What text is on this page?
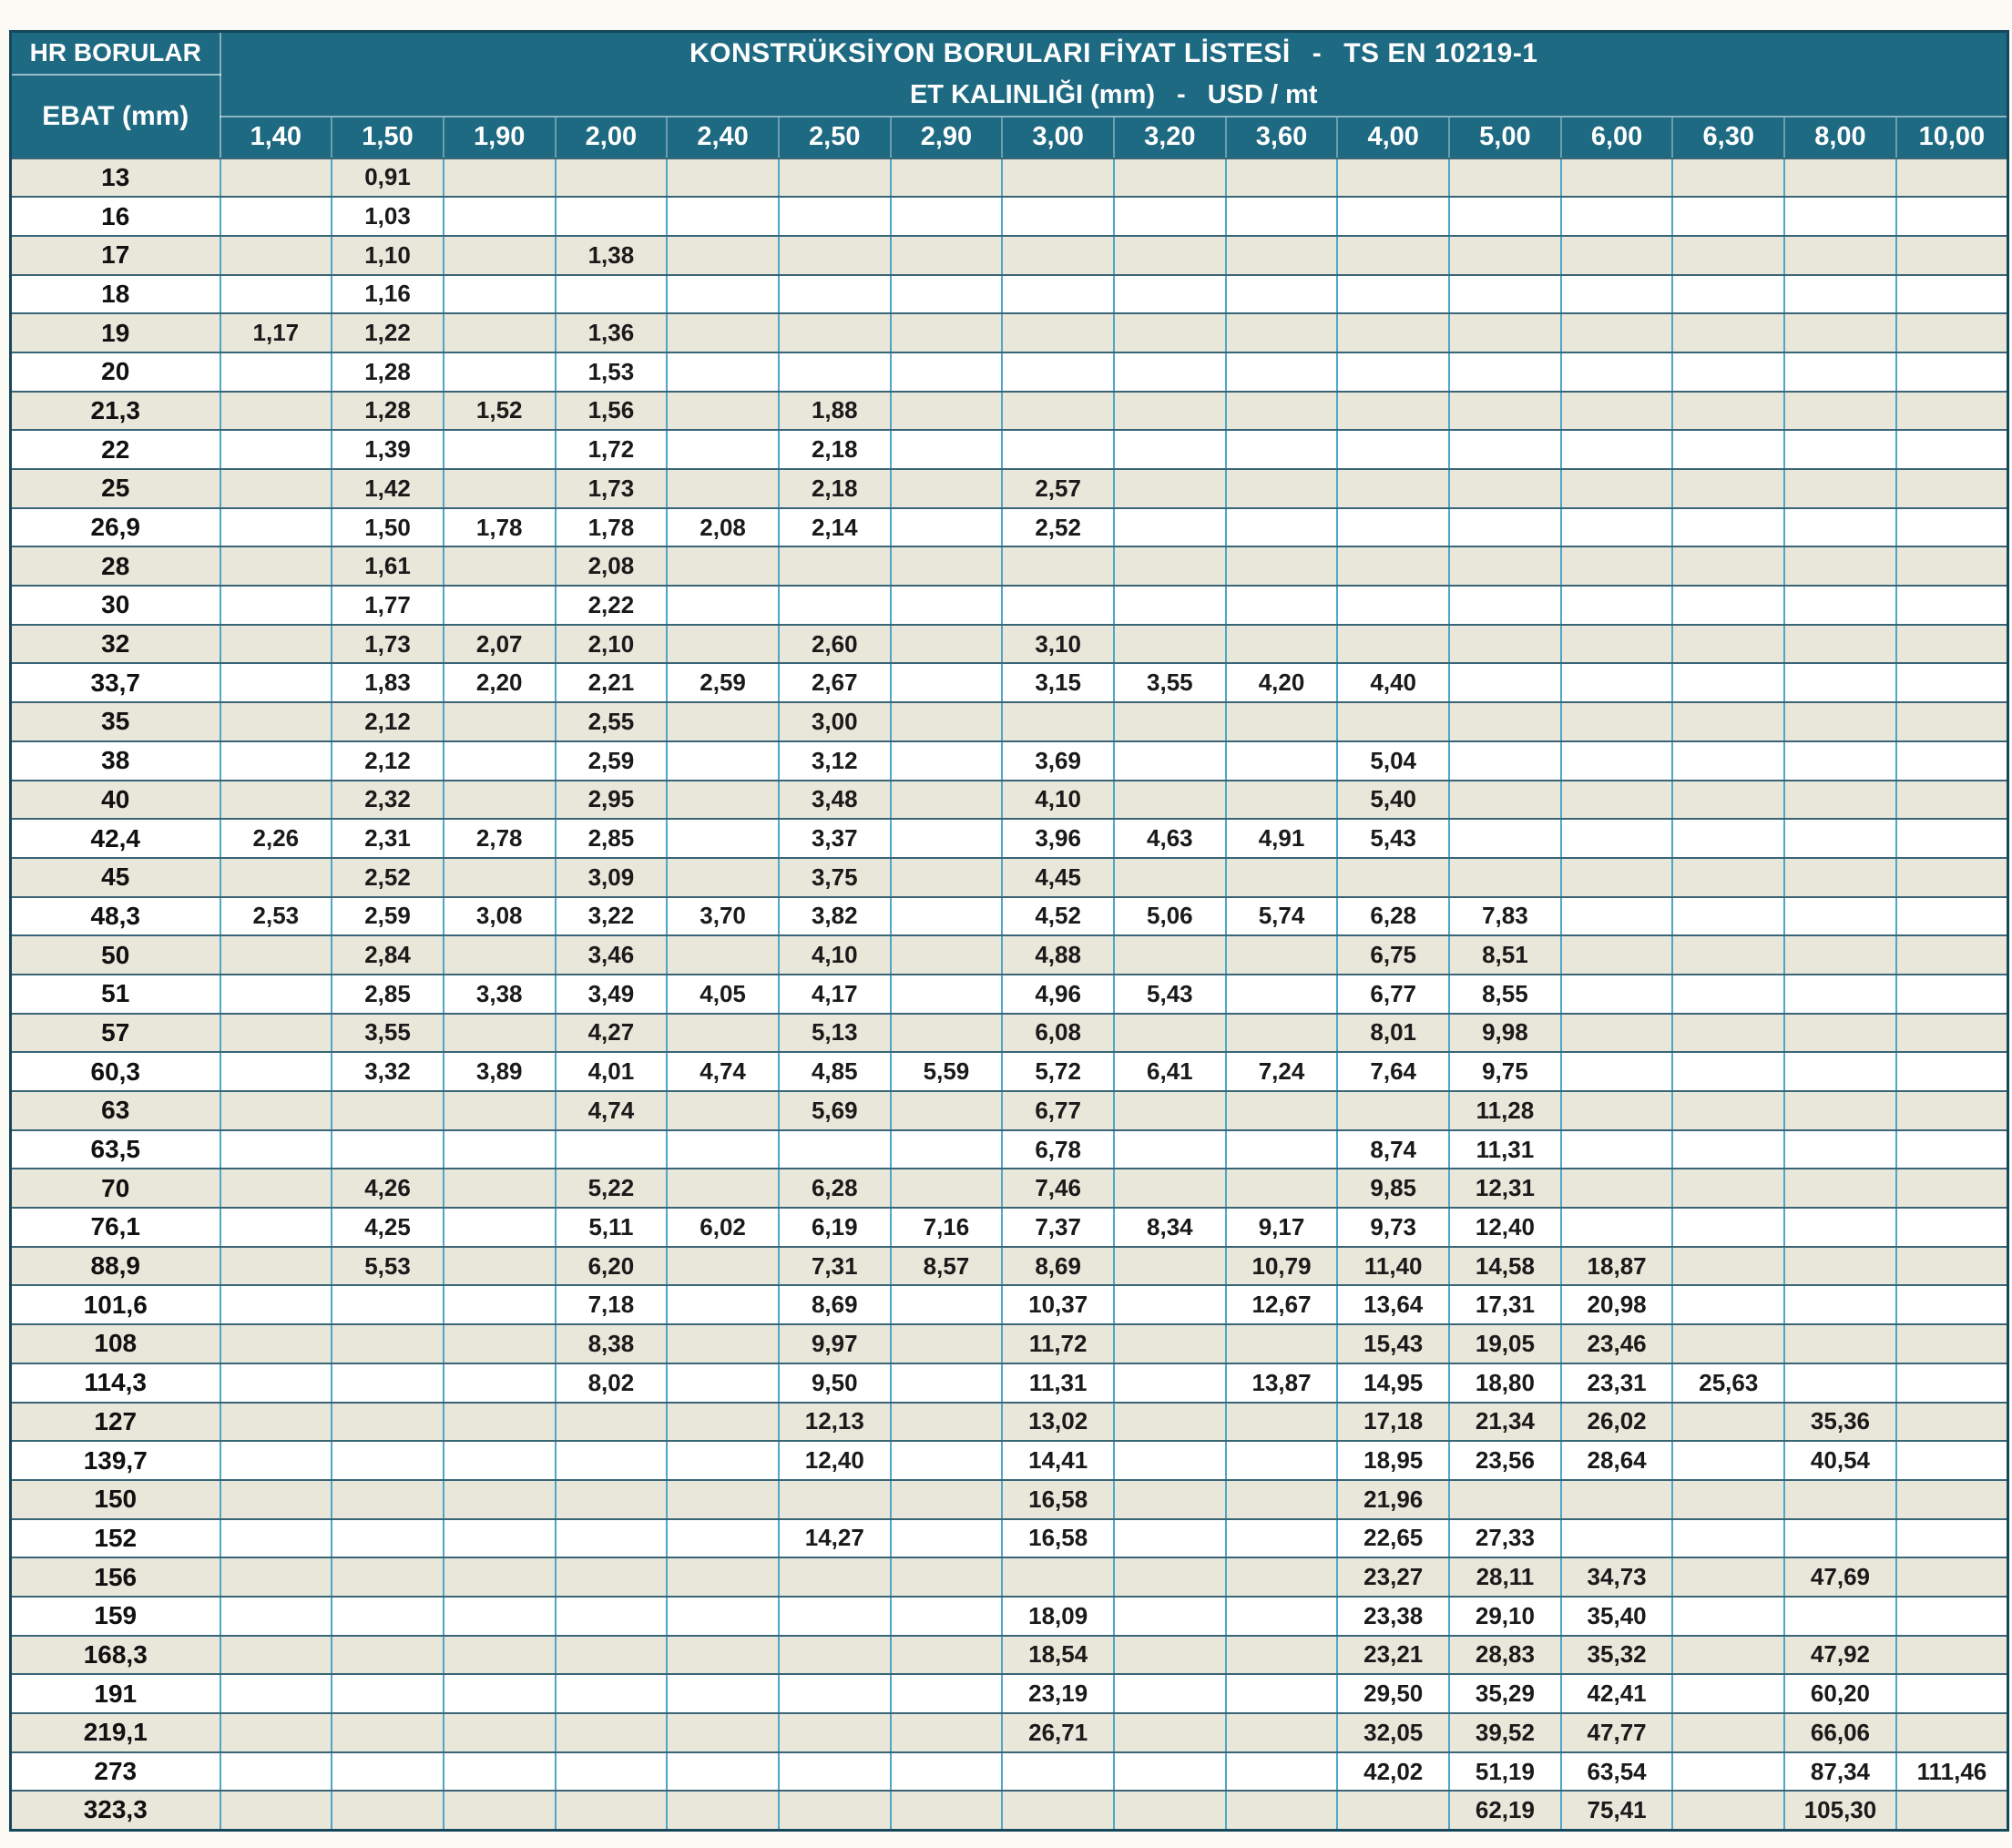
HR BORULAR	KONSTRÜKSİYON BORULARI FİYAT LİSTESİ - TS EN 10219-1															
EBAT (mm)	ET KALINLIĞI (mm) - USD / mt															
	1,40	1,50	1,90	2,00	2,40	2,50	2,90	3,00	3,20	3,60	4,00	5,00	6,00	6,30	8,00	10,00
13		0,91														
16		1,03														
17		1,10		1,38												
18		1,16														
19	1,17	1,22		1,36												
20		1,28		1,53												
21,3		1,28	1,52	1,56		1,88										
22		1,39		1,72		2,18										
25		1,42		1,73		2,18		2,57								
26,9		1,50	1,78	1,78	2,08	2,14		2,52								
28		1,61		2,08												
30		1,77		2,22												
32		1,73	2,07	2,10		2,60		3,10								
33,7		1,83	2,20	2,21	2,59	2,67		3,15	3,55	4,20	4,40					
35		2,12		2,55		3,00										
38		2,12		2,59		3,12		3,69			5,04					
40		2,32		2,95		3,48		4,10			5,40					
42,4	2,26	2,31	2,78	2,85		3,37		3,96	4,63	4,91	5,43					
45		2,52		3,09		3,75		4,45								
48,3	2,53	2,59	3,08	3,22	3,70	3,82		4,52	5,06	5,74	6,28	7,83				
50		2,84		3,46		4,10		4,88			6,75	8,51				
51		2,85	3,38	3,49	4,05	4,17		4,96	5,43		6,77	8,55				
57		3,55		4,27		5,13		6,08			8,01	9,98				
60,3		3,32	3,89	4,01	4,74	4,85	5,59	5,72	6,41	7,24	7,64	9,75				
63				4,74		5,69		6,77				11,28				
63,5								6,78			8,74	11,31				
70		4,26		5,22		6,28		7,46			9,85	12,31				
76,1		4,25		5,11	6,02	6,19	7,16	7,37	8,34	9,17	9,73	12,40				
88,9		5,53		6,20		7,31	8,57	8,69		10,79	11,40	14,58	18,87			
101,6				7,18		8,69		10,37		12,67	13,64	17,31	20,98			
108				8,38		9,97		11,72			15,43	19,05	23,46			
114,3				8,02		9,50		11,31		13,87	14,95	18,80	23,31	25,63		
127						12,13		13,02			17,18	21,34	26,02		35,36	
139,7						12,40		14,41			18,95	23,56	28,64		40,54	
150								16,58			21,96					
152						14,27		16,58			22,65	27,33				
156											23,27	28,11	34,73		47,69	
159								18,09			23,38	29,10	35,40			
168,3								18,54			23,21	28,83	35,32		47,92	
191								23,19			29,50	35,29	42,41		60,20	
219,1								26,71			32,05	39,52	47,77		66,06	
273											42,02	51,19	63,54		87,34	111,46
323,3												62,19	75,41		105,30	
